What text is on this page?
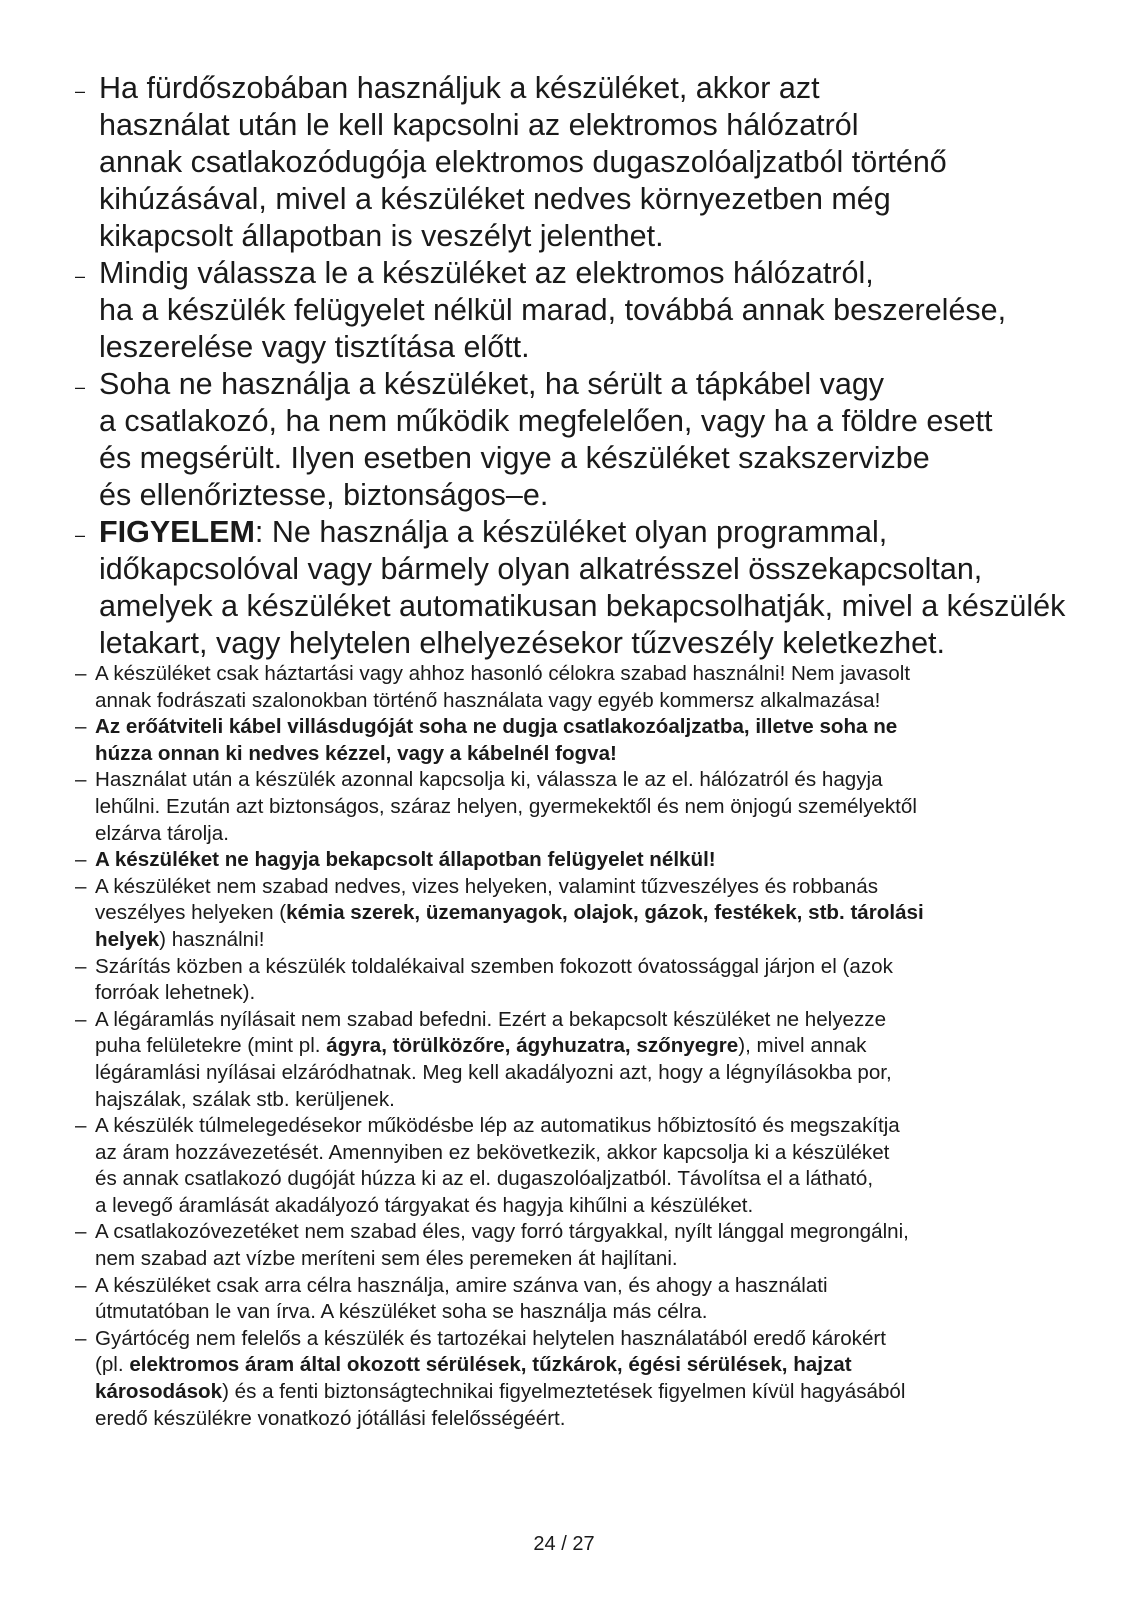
– Ha fürdőszobában használjuk a készüléket, akkor azt
használat után le kell kapcsolni az elektromos hálózatról
annak csatlakozódugója elektromos dugaszolóaljzatból történő
kihúzásával, mivel a készüléket nedves környezetben még
kikapcsolt állapotban is veszélyt jelenthet.
– Mindig válassza le a készüléket az elektromos hálózatról,
ha a készülék felügyelet nélkül marad, továbbá annak beszerelése,
leszerelése vagy tisztítása előtt.
– Soha ne használja a készüléket, ha sérült a tápkábel vagy
a csatlakozó, ha nem működik megfelelően, vagy ha a földre esett
és megsérült. Ilyen esetben vigye a készüléket szakszervizbe
és ellenőriztesse, biztonságos–e.
– FIGYELEM: Ne használja a készüléket olyan programmal,
időkapcsolóval vagy bármely olyan alkatrésszel összekapcsoltan,
amelyek a készüléket automatikusan bekapcsolhatják, mivel a készülék
letakart, vagy helytelen elhelyezésekor tűzveszély keletkezhet.
– A készüléket csak háztartási vagy ahhoz hasonló célokra szabad használni! Nem javasolt
annak fodrászati szalonokban történő használata vagy egyéb kommersz alkalmazása!
– Az erőátviteli kábel villásdugóját soha ne dugja csatlakozóaljzatba, illetve soha ne
húzza onnan ki nedves kézzel, vagy a kábelnél fogva!
– Használat után a készülék azonnal kapcsolja ki, válassza le az el. hálózatról és hagyja
lehűlni. Ezután azt biztonságos, száraz helyen, gyermekektől és nem önjogú személyektől
elzárva tárolja.
– A készüléket ne hagyja bekapcsolt állapotban felügyelet nélkül!
– A készüléket nem szabad nedves, vizes helyeken, valamint tűzveszélyes és robbanás
veszélyes helyeken (kémia szerek, üzemanyagok, olajok, gázok, festékek, stb. tárolási
helyek) használni!
– Szárítás közben a készülék toldalékaival szemben fokozott óvatossággal járjon el (azok
forróak lehetnek).
– A légáramlás nyílásait nem szabad befedni. Ezért a bekapcsolt készüléket ne helyezze
puha felületekre (mint pl. ágyra, törülközőre, ágyhuzatra, szőnyegre), mivel annak
légáramlási nyílásai elzáródhatnak. Meg kell akadályozni azt, hogy a légnyílásokba por,
hajszálak, szálak stb. kerüljenek.
– A készülék túlmelegedésekor működésbe lép az automatikus hőbiztosító és megszakítja
az áram hozzávezetését. Amennyiben ez bekövetkezik, akkor kapcsolja ki a készüléket
és annak csatlakozó dugóját húzza ki az el. dugaszolóaljzatból. Távolítsa el a látható,
a levegő áramlását akadályozó tárgyakat és hagyja kihűlni a készüléket.
– A csatlakozóvezetéket nem szabad éles, vagy forró tárgyakkal, nyílt lánggal megrongálni,
nem szabad azt vízbe meríteni sem éles peremeken át hajlítani.
– A készüléket csak arra célra használja, amire szánva van, és ahogy a használati
útmutatóban le van írva. A készüléket soha se használja más célra.
– Gyártócég nem felelős a készülék és tartozékai helytelen használatából eredő károkért
(pl. elektromos áram által okozott sérülések, tűzkárok, égési sérülések, hajzat
károsodások) és a fenti biztonságtechnikai figyelmeztetések figyelmen kívül hagyásából
eredő készülékre vonatkozó jótállási felelősségéért.
24 / 27
